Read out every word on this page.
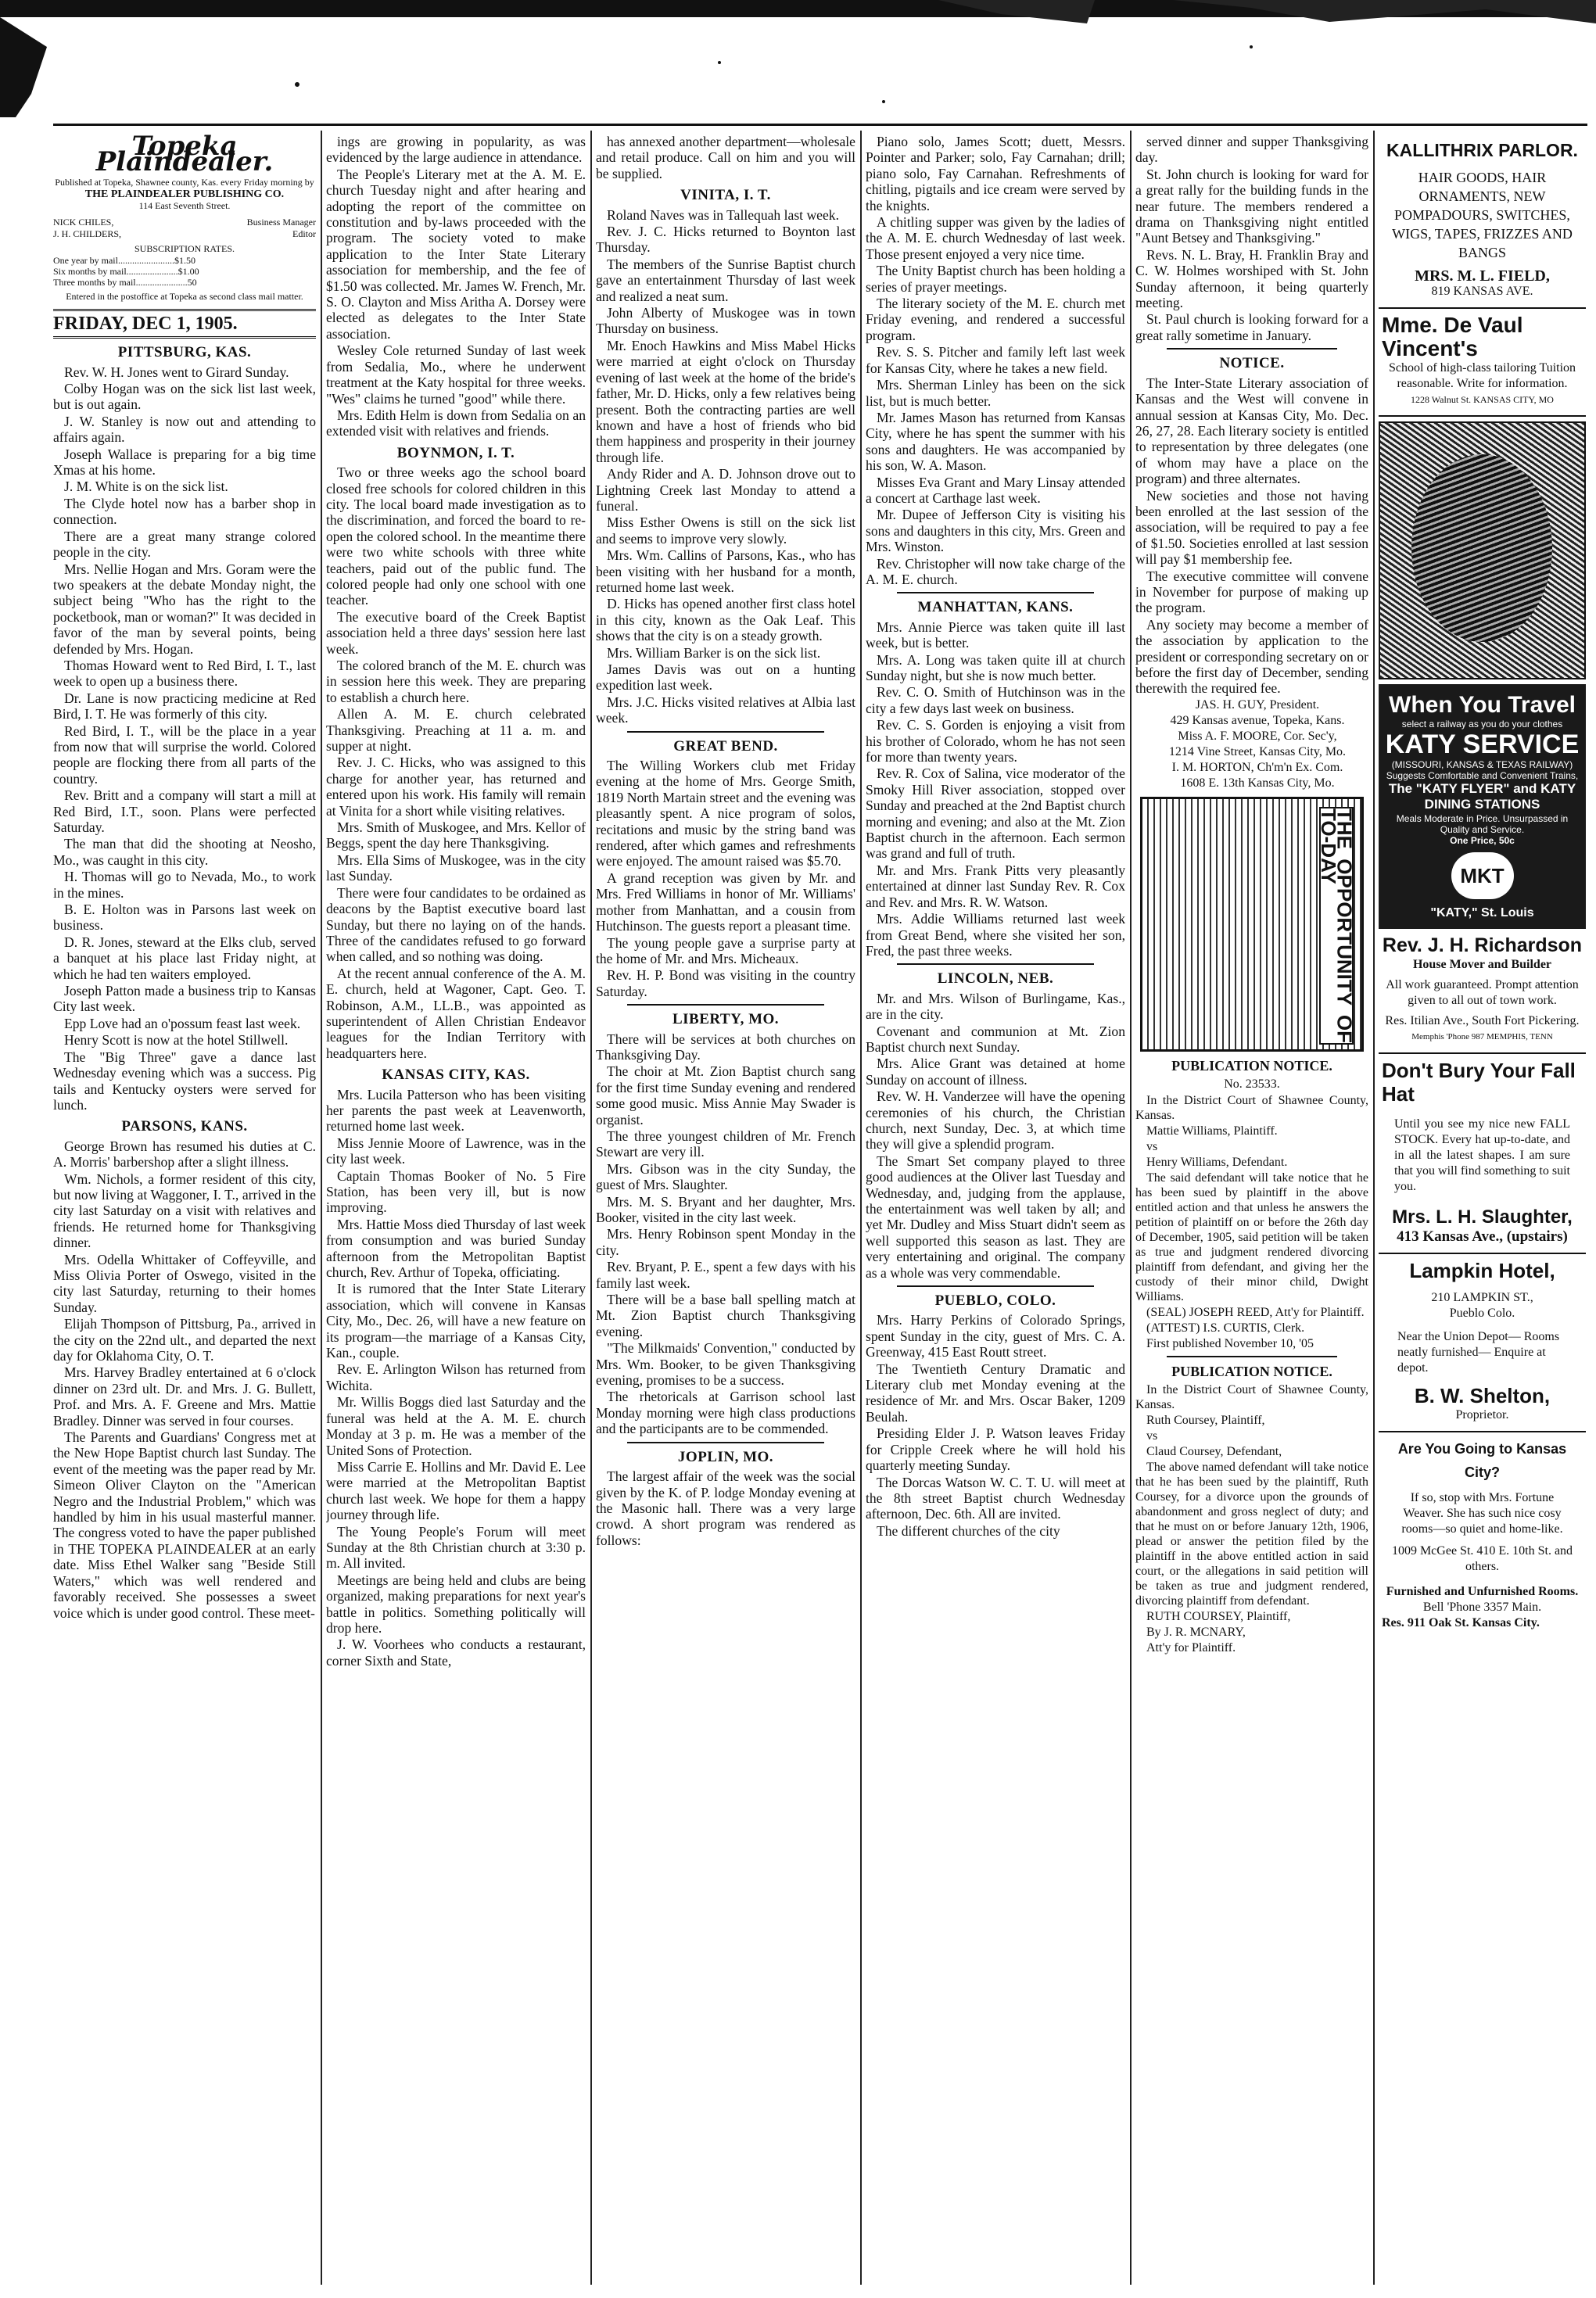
Topeka Plaindealer.
Published at Topeka, Shawnee county, Kas. every Friday morning by
THE PLAINDEALER PUBLISHING CO.
114 East Seventh Street.
NICK CHILES,	Business Manager
J. H. CHILDERS,	Editor
SUBSCRIPTION RATES.
One year by mail........................$1.50
Six months by mail......................$1.00
Three months by mail......................50
Entered in the postoffice at Topeka as second class mail matter.
FRIDAY, DEC 1, 1905.
PITTSBURG, KAS.

Rev. W. H. Jones went to Girard Sunday.

Colby Hogan was on the sick list last week, but is out again.

J. W. Stanley is now out and attending to affairs again.

Joseph Wallace is preparing for a big time Xmas at his home.

J. M. White is on the sick list.

The Clyde hotel now has a barber shop in connection.

There are a great many strange colored people in the city.

Mrs. Nellie Hogan and Mrs. Goram were the two speakers at the debate Monday night, the subject being "Who has the right to the pocketbook, man or woman?" It was decided in favor of the man by several points, being defended by Mrs. Hogan.

Thomas Howard went to Red Bird, I. T., last week to open up a business there.

Dr. Lane is now practicing medicine at Red Bird, I. T. He was formerly of this city.

Red Bird, I. T., will be the place in a year from now that will surprise the world. Colored people are flocking there from all parts of the country.

Rev. Britt and a company will start a mill at Red Bird, I.T., soon. Plans were perfected Saturday.

The man that did the shooting at Neosho, Mo., was caught in this city.

H. Thomas will go to Nevada, Mo., to work in the mines.

B. E. Holton was in Parsons last week on business.

D. R. Jones, steward at the Elks club, served a banquet at his place last Friday night, at which he had ten waiters employed.

Joseph Patton made a business trip to Kansas City last week.

Epp Love had an o'possum feast last week.

Henry Scott is now at the hotel Stillwell.

The "Big Three" gave a dance last Wednesday evening which was a success. Pig tails and Kentucky oysters were served for lunch.

PARSONS, KANS.

George Brown has resumed his duties at C. A. Morris' barbershop after a slight illness.

Wm. Nichols, a former resident of this city, but now living at Waggoner, I. T., arrived in the city last Saturday on a visit with relatives and friends. He returned home for Thanksgiving dinner.

Mrs. Odella Whittaker of Coffeyville, and Miss Olivia Porter of Oswego, visited in the city last Saturday, returning to their homes Sunday.

Elijah Thompson of Pittsburg, Pa., arrived in the city on the 22nd ult., and departed the next day for Oklahoma City, O. T.

Mrs. Harvey Bradley entertained at 6 o'clock dinner on 23rd ult. Dr. and Mrs. J. G. Bullett, Prof. and Mrs. A. F. Greene and Mrs. Mattie Bradley. Dinner was served in four courses.

The Parents and Guardians' Congress met at the New Hope Baptist church last Sunday. The event of the meeting was the paper read by Mr. Simeon Oliver Clayton on the "American Negro and the Industrial Problem," which was handled by him in his usual masterful manner. The congress voted to have the paper published in THE TOPEKA PLAINDEALER at an early date. Miss Ethel Walker sang "Beside Still Waters," which was well rendered and favorably received. She possesses a sweet voice which is under good control. These meet-

ings are growing in popularity, as was evidenced by the large audience in attendance.

The People's Literary met at the A. M. E. church Tuesday night and after hearing and adopting the report of the committee on constitution and by-laws proceeded with the program. The society voted to make application to the Inter State Literary association for membership, and the fee of $1.50 was collected. Mr. James W. French, Mr. S. O. Clayton and Miss Aritha A. Dorsey were elected as delegates to the Inter State association.

Wesley Cole returned Sunday of last week from Sedalia, Mo., where he underwent treatment at the Katy hospital for three weeks. "Wes" claims he turned "good" while there.

Mrs. Edith Helm is down from Sedalia on an extended visit with relatives and friends.

BOYNMON, I. T.

Two or three weeks ago the school board closed free schools for colored children in this city. The local board made investigation as to the discrimination, and forced the board to re-open the colored school. In the meantime there were two white schools with three white teachers, paid out of the public fund. The colored people had only one school with one teacher.

The executive board of the Creek Baptist association held a three days' session here last week.

The colored branch of the M. E. church was in session here this week. They are preparing to establish a church here.

Allen A. M. E. church celebrated Thanksgiving. Preaching at 11 a. m. and supper at night.

Rev. J. C. Hicks, who was assigned to this charge for another year, has returned and entered upon his work. His family will remain at Vinita for a short while visiting relatives.

Mrs. Smith of Muskogee, and Mrs. Kellor of Beggs, spent the day here Thanksgiving.

Mrs. Ella Sims of Muskogee, was in the city last Sunday.

There were four candidates to be ordained as deacons by the Baptist executive board last Sunday, but there no laying on of the hands. Three of the candidates refused to go forward when called, and so nothing was doing.

At the recent annual conference of the A. M. E. church, held at Wagoner, Capt. Geo. T. Robinson, A.M., LL.B., was appointed as superintendent of Allen Christian Endeavor leagues for the Indian Territory with headquarters here.

KANSAS CITY, KAS.

Mrs. Lucila Patterson who has been visiting her parents the past week at Leavenworth, returned home last week.

Miss Jennie Moore of Lawrence, was in the city last week.

Captain Thomas Booker of No. 5 Fire Station, has been very ill, but is now improving.

Mrs. Hattie Moss died Thursday of last week from consumption and was buried Sunday afternoon from the Metropolitan Baptist church, Rev. Arthur of Topeka, officiating.

It is rumored that the Inter State Literary association, which will convene in Kansas City, Mo., Dec. 26, will have a new feature on its program—the marriage of a Kansas City, Kan., couple.

Rev. E. Arlington Wilson has returned from Wichita.

Mr. Willis Boggs died last Saturday and the funeral was held at the A. M. E. church Monday at 3 p. m. He was a member of the United Sons of Protection.

Miss Carrie E. Hollins and Mr. David E. Lee were married at the Metropolitan Baptist church last week. We hope for them a happy journey through life.

The Young People's Forum will meet Sunday at the 8th Christian church at 3:30 p. m. All invited.

Meetings are being held and clubs are being organized, making preparations for next year's battle in politics. Something politically will drop here.

J. W. Voorhees who conducts a restaurant, corner Sixth and State,

has annexed another department—wholesale and retail produce. Call on him and you will be supplied.

VINITA, I. T.

Roland Naves was in Tallequah last week.

Rev. J. C. Hicks returned to Boynton last Thursday.

The members of the Sunrise Baptist church gave an entertainment Thursday of last week and realized a neat sum.

John Alberty of Muskogee was in town Thursday on business.

Mr. Enoch Hawkins and Miss Mabel Hicks were married at eight o'clock on Thursday evening of last week at the home of the bride's father, Mr. D. Hicks, only a few relatives being present. Both the contracting parties are well known and have a host of friends who bid them happiness and prosperity in their journey through life.

Andy Rider and A. D. Johnson drove out to Lightning Creek last Monday to attend a funeral.

Miss Esther Owens is still on the sick list and seems to improve very slowly.

Mrs. Wm. Callins of Parsons, Kas., who has been visiting with her husband for a month, returned home last week.

D. Hicks has opened another first class hotel in this city, known as the Oak Leaf. This shows that the city is on a steady growth.

Mrs. William Barker is on the sick list.

James Davis was out on a hunting expedition last week.

Mrs. J.C. Hicks visited relatives at Albia last week.

GREAT BEND.

The Willing Workers club met Friday evening at the home of Mrs. George Smith, 1819 North Martain street and the evening was pleasantly spent. A nice program of solos, recitations and music by the string band was rendered, after which games and refreshments were enjoyed. The amount raised was $5.70.

A grand reception was given by Mr. and Mrs. Fred Williams in honor of Mr. Williams' mother from Manhattan, and a cousin from Hutchinson. The guests report a pleasant time.

The young people gave a surprise party at the home of Mr. and Mrs. Micheaux.

Rev. H. P. Bond was visiting in the country Saturday.

LIBERTY, MO.

There will be services at both churches on Thanksgiving Day.

The choir at Mt. Zion Baptist church sang for the first time Sunday evening and rendered some good music. Miss Annie May Swader is organist.

The three youngest children of Mr. French Stewart are very ill.

Mrs. Gibson was in the city Sunday, the guest of Mrs. Slaughter.

Mrs. M. S. Bryant and her daughter, Mrs. Booker, visited in the city last week.

Mrs. Henry Robinson spent Monday in the city.

Rev. Bryant, P. E., spent a few days with his family last week.

There will be a base ball spelling match at Mt. Zion Baptist church Thanksgiving evening.

"The Milkmaids' Convention," conducted by Mrs. Wm. Booker, to be given Thanksgiving evening, promises to be a success.

The rhetoricals at Garrison school last Monday morning were high class productions and the participants are to be commended.

JOPLIN, MO.

The largest affair of the week was the social given by the K. of P. lodge Monday evening at the Masonic hall. There was a very large crowd. A short program was rendered as follows:

Piano solo, James Scott; duett, Messrs. Pointer and Parker; solo, Fay Carnahan; drill; piano solo, Fay Carnahan. Refreshments of chitling, pigtails and ice cream were served by the knights.

A chitling supper was given by the ladies of the A. M. E. church Wednesday of last week. Those present enjoyed a very nice time.

The Unity Baptist church has been holding a series of prayer meetings.

The literary society of the M. E. church met Friday evening, and rendered a successful program.

Rev. S. S. Pitcher and family left last week for Kansas City, where he takes a new field.

Mrs. Sherman Linley has been on the sick list, but is much better.

Mr. James Mason has returned from Kansas City, where he has spent the summer with his sons and daughters. He was accompanied by his son, W. A. Mason.

Misses Eva Grant and Mary Linsay attended a concert at Carthage last week.

Mr. Dupee of Jefferson City is visiting his sons and daughters in this city, Mrs. Green and Mrs. Winston.

Rev. Christopher will now take charge of the A. M. E. church.

MANHATTAN, KANS.

Mrs. Annie Pierce was taken quite ill last week, but is better.

Mrs. A. Long was taken quite ill at church Sunday night, but she is now much better.

Rev. C. O. Smith of Hutchinson was in the city a few days last week on business.

Rev. C. S. Gorden is enjoying a visit from his brother of Colorado, whom he has not seen for more than twenty years.

Rev. R. Cox of Salina, vice moderator of the Smoky Hill River association, stopped over Sunday and preached at the 2nd Baptist church morning and evening; and also at the Mt. Zion Baptist church in the afternoon. Each sermon was grand and full of truth.

Mr. and Mrs. Frank Pitts very pleasantly entertained at dinner last Sunday Rev. R. Cox and Rev. and Mrs. R. W. Watson.

Mrs. Addie Williams returned last week from Great Bend, where she visited her son, Fred, the past three weeks.

LINCOLN, NEB.

Mr. and Mrs. Wilson of Burlingame, Kas., are in the city.

Covenant and communion at Mt. Zion Baptist church next Sunday.

Mrs. Alice Grant was detained at home Sunday on account of illness.

Rev. W. H. Vanderzee will have the opening ceremonies of his church, the Christian church, next Sunday, Dec. 3, at which time they will give a splendid program.

The Smart Set company played to three good audiences at the Oliver last Tuesday and Wednesday, and, judging from the applause, the entertainment was well taken by all; and yet Mr. Dudley and Miss Stuart didn't seem as well supported this season as last. They are very entertaining and original. The company as a whole was very commendable.

PUEBLO, COLO.

Mrs. Harry Perkins of Colorado Springs, spent Sunday in the city, guest of Mrs. C. A. Greenway, 415 East Routt street.

The Twentieth Century Dramatic and Literary club met Monday evening at the residence of Mr. and Mrs. Oscar Baker, 1209 Beulah.

Presiding Elder J. P. Watson leaves Friday for Cripple Creek where he will hold his quarterly meeting Sunday.

The Dorcas Watson W. C. T. U. will meet at the 8th street Baptist church Wednesday afternoon, Dec. 6th. All are invited.

The different churches of the city

served dinner and supper Thanksgiving day.

St. John church is looking for ward for a great rally for the building funds in the near future. The members rendered a drama on Thanksgiving night entitled "Aunt Betsey and Thanksgiving."

Revs. N. L. Bray, H. Franklin Bray and C. W. Holmes worshiped with St. John Sunday afternoon, it being quarterly meeting.

St. Paul church is looking forward for a great rally sometime in January.

NOTICE.

The Inter-State Literary association of Kansas and the West will convene in annual session at Kansas City, Mo. Dec. 26, 27, 28. Each literary society is entitled to representation by three delegates (one of whom may have a place on the program) and three alternates.

New societies and those not having been enrolled at the last session of the association, will be required to pay a fee of $1.50. Societies enrolled at last session will pay $1 membership fee.

The executive committee will convene in November for purpose of making up the program.

Any society may become a member of the association by application to the president or corresponding secretary on or before the first day of December, sending therewith the required fee.

JAS. H. GUY, President.

429 Kansas avenue, Topeka, Kans.

Miss A. F. MOORE, Cor. Sec'y,

1214 Vine Street, Kansas City, Mo.

I. M. HORTON, Ch'm'n Ex. Com.

1608 E. 13th Kansas City, Mo.

THE OPPORTUNITY OF TO-DAY
PUBLICATION NOTICE.
No. 23533.

In the District Court of Shawnee County, Kansas.

Mattie Williams, Plaintiff.

vs

Henry Williams, Defendant.

The said defendant will take notice that he has been sued by plaintiff in the above entitled action and that unless he answers the petition of plaintiff on or before the 26th day of December, 1905, said petition will be taken as true and judgment rendered divorcing plaintiff from defendant, and giving her the custody of their minor child, Dwight Williams.

(SEAL) JOSEPH REED, Att'y for Plaintiff.

(ATTEST) I.S. CURTIS, Clerk.

First published November 10, '05

PUBLICATION NOTICE.

In the District Court of Shawnee County, Kansas.

Ruth Coursey, Plaintiff,

vs

Claud Coursey, Defendant,

The above named defendant will take notice that he has been sued by the plaintiff, Ruth Coursey, for a divorce upon the grounds of abandonment and gross neglect of duty; and that he must on or before January 12th, 1906, plead or answer the petition filed by the plaintiff in the above entitled action in said court, or the allegations in said petition will be taken as true and judgment rendered, divorcing plaintiff from defendant.

RUTH COURSEY, Plaintiff,

By J. R. MCNARY,

Att'y for Plaintiff.

KALLITHRIX PARLOR.
HAIR GOODS, HAIR ORNAMENTS, NEW POMPADOURS, SWITCHES, WIGS, TAPES, FRIZZES AND BANGS
MRS. M. L. FIELD,
819 KANSAS AVE.
Mme. De Vaul Vincent's
School of high-class tailoring Tuition reasonable. Write for information.
1228 Walnut St. KANSAS CITY, MO
When You Travel
select a railway as you do your clothes
KATY SERVICE
(MISSOURI, KANSAS & TEXAS RAILWAY)
Suggests Comfortable and Convenient Trains,
The "KATY FLYER" and KATY DINING STATIONS
Meals Moderate in Price. Unsurpassed in Quality and Service.
One Price, 50c
MKT
"KATY," St. Louis
Rev. J. H. Richardson
House Mover and Builder
All work guaranteed. Prompt attention given to all out of town work.
Res. Itilian Ave., South Fort Pickering.
Memphis 'Phone 987 MEMPHIS, TENN
Don't Bury Your Fall Hat
Until you see my nice new FALL STOCK. Every hat up-to-date, and in all the latest shapes. I am sure that you will find something to suit you.
Mrs. L. H. Slaughter,
413 Kansas Ave., (upstairs)
Lampkin Hotel,
210 LAMPKIN ST., Pueblo Colo.
Near the Union Depot— Rooms neatly furnished— Enquire at depot.
B. W. Shelton,
Proprietor.
Are You Going to Kansas City?
If so, stop with Mrs. Fortune Weaver. She has such nice cosy rooms—so quiet and home-like.
1009 McGee St. 410 E. 10th St. and others.
Furnished and Unfurnished Rooms.
Bell 'Phone 3357 Main.
Res. 911 Oak St. Kansas City.
